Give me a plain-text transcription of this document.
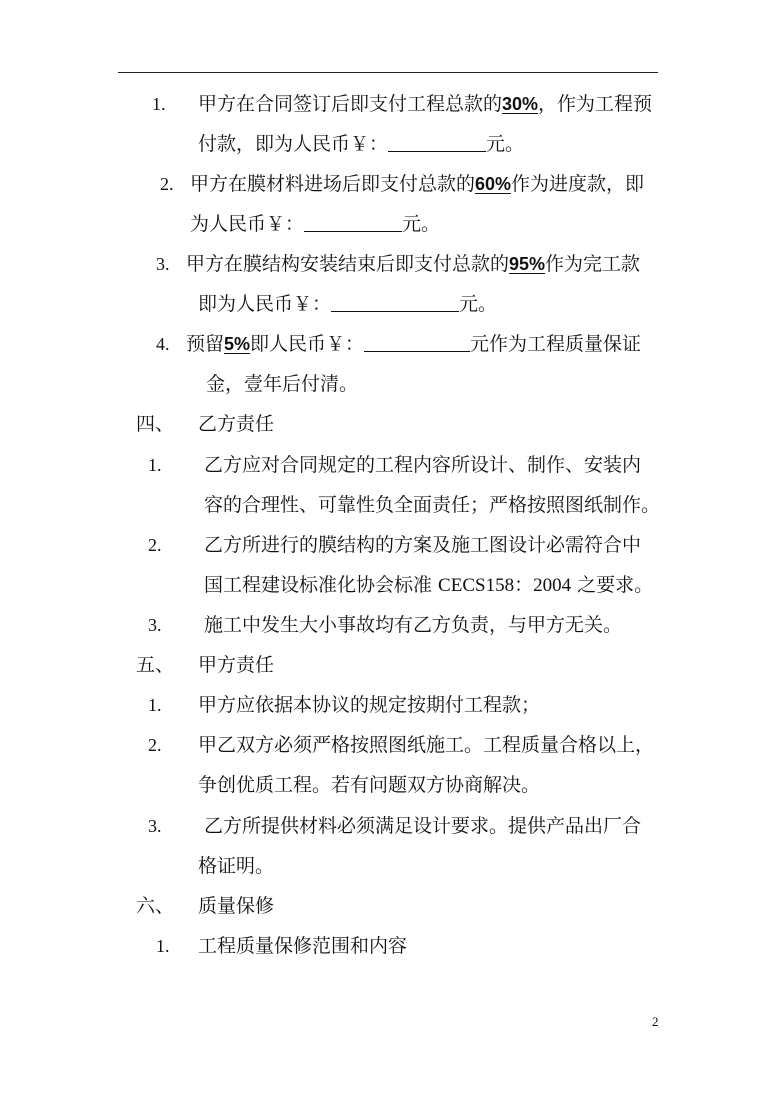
1. 甲方在合同签订后即支付工程总款的30%，作为工程预
付款，即为人民币￥：	元。
2. 甲方在膜材料进场后即支付总款的60%作为进度款，即
为人民币￥：	元。
3. 甲方在膜结构安装结束后即支付总款的95%作为完工款
即为人民币￥：	元。
4. 预留5%即人民币￥：	元作为工程质量保证
金，壹年后付清。
四、 乙方责任
1. 乙方应对合同规定的工程内容所设计、制作、安装内
容的合理性、可靠性负全面责任；严格按照图纸制作。
2. 乙方所进行的膜结构的方案及施工图设计必需符合中
国工程建设标准化协会标准 CECS158：2004 之要求。
3. 施工中发生大小事故均有乙方负责，与甲方无关。
五、 甲方责任
1. 甲方应依据本协议的规定按期付工程款；
2. 甲乙双方必须严格按照图纸施工。工程质量合格以上，
争创优质工程。若有问题双方协商解决。
3. 乙方所提供材料必须满足设计要求。提供产品出厂合
格证明。
六、 质量保修
1. 工程质量保修范围和内容
2
